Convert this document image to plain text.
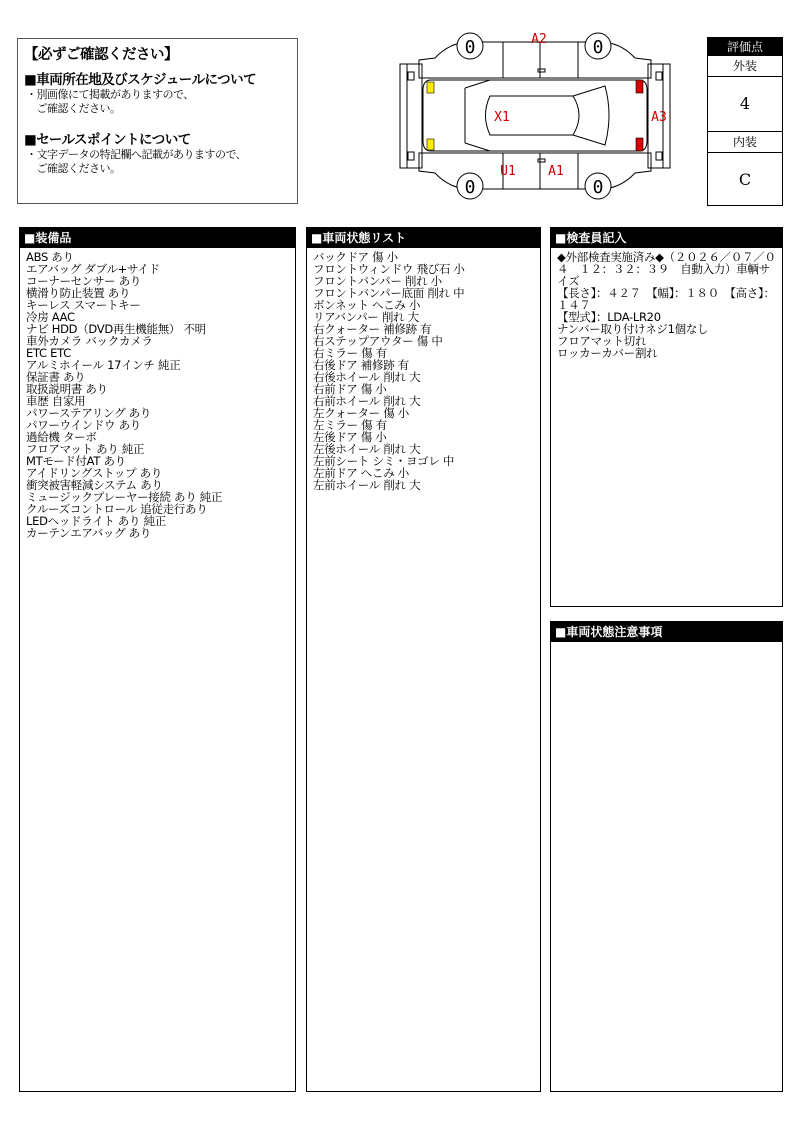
【必ずご確認ください】
■車両所在地及びスケジュールについて
・別画像にて掲載がありますので、
　ご確認ください。
■セールスポイントについて
・文字データの特記欄へ記載がありますので、
　ご確認ください。
0	0
0	0
A2
X1	A3
U1 A1
評価点
外装
4
内装
C
■装備品
ABS あり
エアバッグ ダブル+サイド
コーナーセンサー あり
横滑り防止装置 あり
キーレス スマートキー
冷房 AAC
ナビ HDD（DVD再生機能無） 不明
車外カメラ バックカメラ
ETC ETC
アルミホイール 17インチ 純正
保証書 あり
取扱説明書 あり
車歴 自家用
パワーステアリング あり
パワーウインドウ あり
過給機 ターボ
フロアマット あり 純正
MTモード付AT あり
アイドリングストップ あり
衝突被害軽減システム あり
ミュージックプレーヤー接続 あり 純正
クルーズコントロール 追従走行あり
LEDヘッドライト あり 純正
カーテンエアバッグ あり
■車両状態リスト
バックドア 傷 小
フロントウィンドウ 飛び石 小
フロントバンパー 削れ 小
フロントバンパー底面 削れ 中
ボンネット へこみ 小
リアバンパー 削れ 大
右クォーター 補修跡 有
右ステップアウター 傷 中
右ミラー 傷 有
右後ドア 補修跡 有
右後ホイール 削れ 大
右前ドア 傷 小
右前ホイール 削れ 大
左クォーター 傷 小
左ミラー 傷 有
左後ドア 傷 小
左後ホイール 削れ 大
左前シート シミ・ヨゴレ 中
左前ドア へこみ 小
左前ホイール 削れ 大
■検査員記入
◆外部検査実施済み◆（２０２６／０７／０４　１２：３２：３９　自動入力）車輌サイズ
【長さ】：４２７　【幅】：１８０　【高さ】：１４７
【型式】：LDA-LR20
ナンバー取り付けネジ1個なし
フロアマット切れ
ロッカーカバー割れ
■車両状態注意事項
